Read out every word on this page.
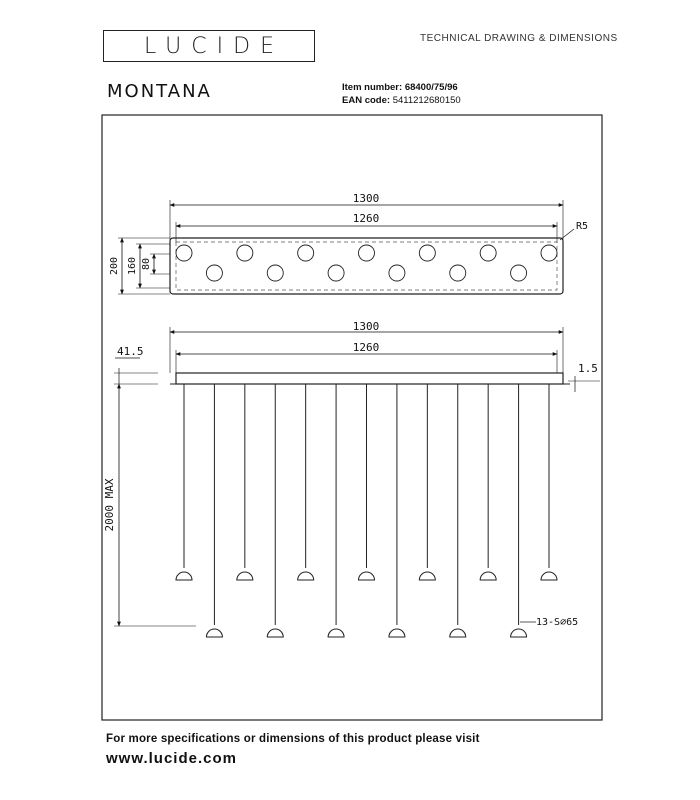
LUCIDE	TECHNICAL DRAWING & DIMENSIONS
MONTANA	Item number: 68400/75/96
EAN code: 5411212680150
1300
1260
R5
200 160 80
1300
1260
41.5
1.5
2000 MAX
13-S⌀65
For more specifications or dimensions of this product please visit
www.lucide.com
